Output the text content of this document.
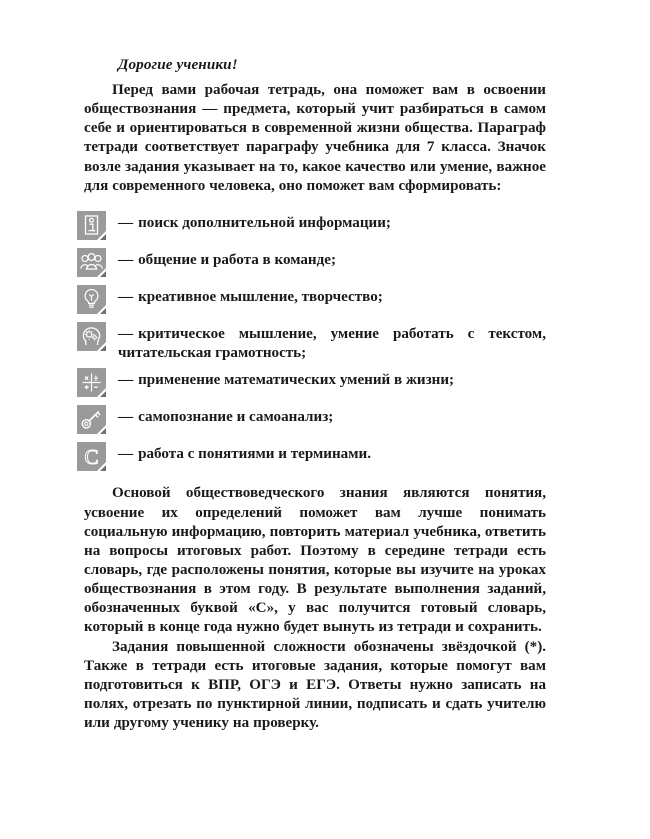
Дорогие ученики!

Перед вами рабочая тетрадь, она поможет вам в освоении обществознания — предмета, который учит разбираться в самом себе и ориентироваться в современной жизни общества. Параграф тетради соответствует параграфу учебника для 7 класса. Значок возле задания указывает на то, какое качество или умение, важное для современного человека, оно поможет вам сформировать:

— поиск дополнительной информации;
— общение и работа в команде;
— креативное мышление, творчество;
— критическое мышление, умение работать с текстом, читательская грамотность;
— применение математических умений в жизни;
— самопознание и самоанализ;
C — работа с понятиями и терминами.

Основой обществоведческого знания являются понятия, усвоение их определений поможет вам лучше понимать социальную информацию, повторить материал учебника, ответить на вопросы итоговых работ. Поэтому в середине тетради есть словарь, где расположены понятия, которые вы изучите на уроках обществознания в этом году. В результате выполнения заданий, обозначенных буквой «С», у вас получится готовый словарь, который в конце года нужно будет вынуть из тетради и сохранить.

Задания повышенной сложности обозначены звёздочкой (*). Также в тетради есть итоговые задания, которые помогут вам подготовиться к ВПР, ОГЭ и ЕГЭ. Ответы нужно записать на полях, отрезать по пунктирной линии, подписать и сдать учителю или другому ученику на проверку.
